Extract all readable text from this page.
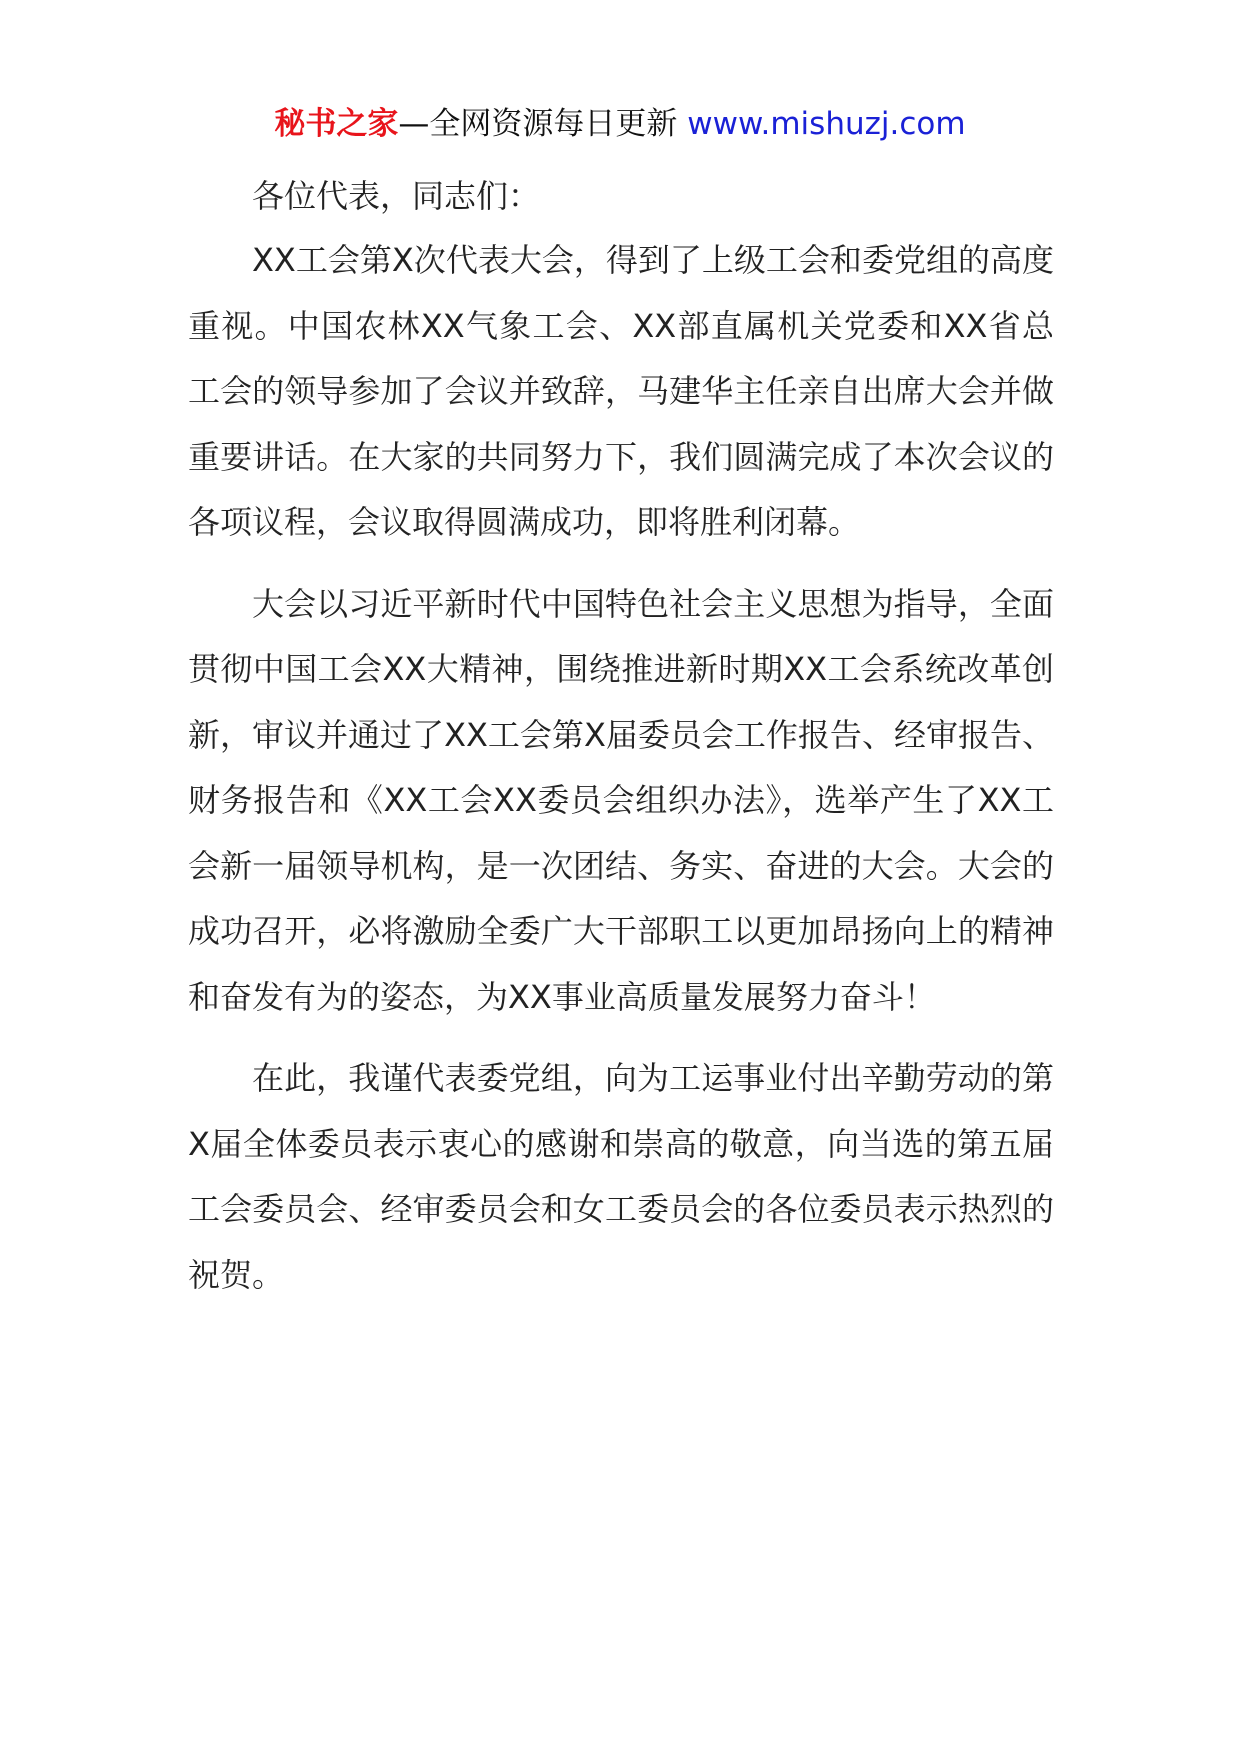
秘书之家—全网资源每日更新 www.mishuzj.com

各位代表，同志们：

XX工会第X次代表大会，得到了上级工会和委党组的高度重视。中国农林XX气象工会、XX部直属机关党委和XX省总工会的领导参加了会议并致辞，马建华主任亲自出席大会并做重要讲话。在大家的共同努力下，我们圆满完成了本次会议的各项议程，会议取得圆满成功，即将胜利闭幕。

大会以习近平新时代中国特色社会主义思想为指导，全面贯彻中国工会XX大精神，围绕推进新时期XX工会系统改革创新，审议并通过了XX工会第X届委员会工作报告、经审报告、财务报告和《XX工会XX委员会组织办法》，选举产生了XX工会新一届领导机构，是一次团结、务实、奋进的大会。大会的成功召开，必将激励全委广大干部职工以更加昂扬向上的精神和奋发有为的姿态，为XX事业高质量发展努力奋斗！

在此，我谨代表委党组，向为工运事业付出辛勤劳动的第X届全体委员表示衷心的感谢和崇高的敬意，向当选的第五届工会委员会、经审委员会和女工委员会的各位委员表示热烈的祝贺。
